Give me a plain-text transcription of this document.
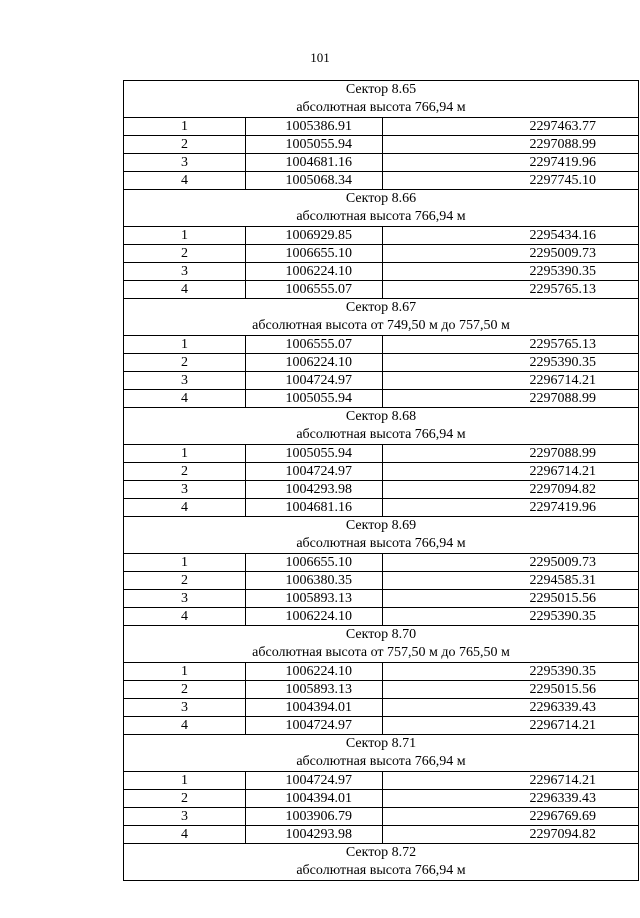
101
Сектор 8.65
абсолютная высота 766,94 м		

1	1005386.91	2297463.77
2	1005055.94	2297088.99
3	1004681.16	2297419.96
4	1005068.34	2297745.10

Сектор 8.66
абсолютная высота 766,94 м		

1	1006929.85	2295434.16
2	1006655.10	2295009.73
3	1006224.10	2295390.35
4	1006555.07	2295765.13

Сектор 8.67
абсолютная высота от 749,50 м до 757,50 м		

1	1006555.07	2295765.13
2	1006224.10	2295390.35
3	1004724.97	2296714.21
4	1005055.94	2297088.99

Сектор 8.68
абсолютная высота 766,94 м		

1	1005055.94	2297088.99
2	1004724.97	2296714.21
3	1004293.98	2297094.82
4	1004681.16	2297419.96

Сектор 8.69
абсолютная высота 766,94 м		

1	1006655.10	2295009.73
2	1006380.35	2294585.31
3	1005893.13	2295015.56
4	1006224.10	2295390.35

Сектор 8.70
абсолютная высота от 757,50 м до 765,50 м		

1	1006224.10	2295390.35
2	1005893.13	2295015.56
3	1004394.01	2296339.43
4	1004724.97	2296714.21

Сектор 8.71
абсолютная высота 766,94 м		

1	1004724.97	2296714.21
2	1004394.01	2296339.43
3	1003906.79	2296769.69
4	1004293.98	2297094.82

Сектор 8.72
абсолютная высота 766,94 м		
